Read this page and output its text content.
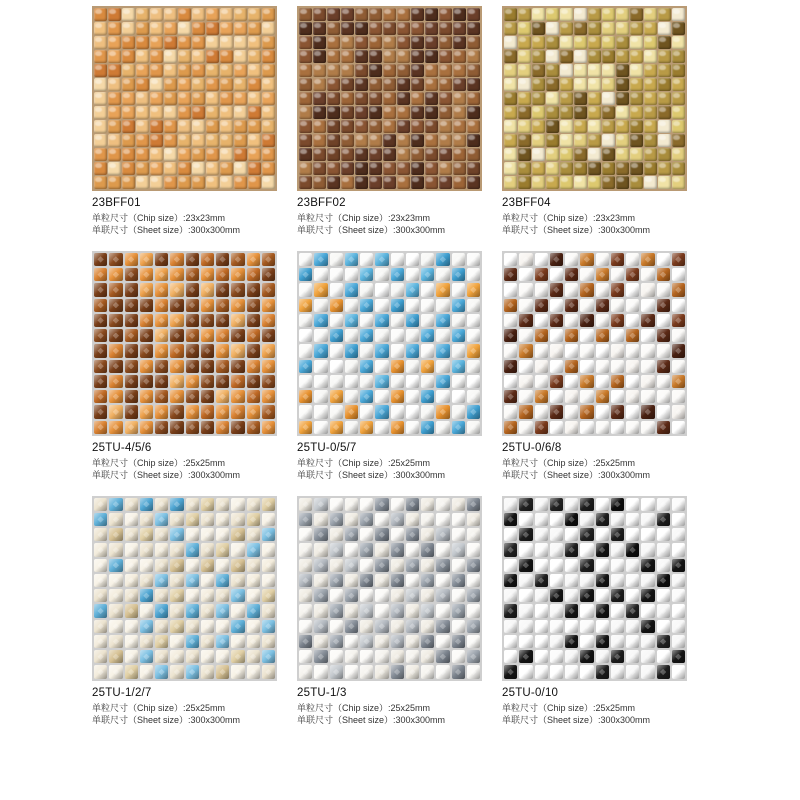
23BFF01
单粒尺寸（Chip size）:23x23mm
单联尺寸（Sheet size）:300x300mm
23BFF02
单粒尺寸（Chip size）:23x23mm
单联尺寸（Sheet size）:300x300mm
23BFF04
单粒尺寸（Chip size）:23x23mm
单联尺寸（Sheet size）:300x300mm
25TU-4/5/6
单粒尺寸（Chip size）:25x25mm
单联尺寸（Sheet size）:300x300mm
25TU-0/5/7
单粒尺寸（Chip size）:25x25mm
单联尺寸（Sheet size）:300x300mm
25TU-0/6/8
单粒尺寸（Chip size）:25x25mm
单联尺寸（Sheet size）:300x300mm
25TU-1/2/7
单粒尺寸（Chip size）:25x25mm
单联尺寸（Sheet size）:300x300mm
25TU-1/3
单粒尺寸（Chip size）:25x25mm
单联尺寸（Sheet size）:300x300mm
25TU-0/10
单粒尺寸（Chip size）:25x25mm
单联尺寸（Sheet size）:300x300mm
